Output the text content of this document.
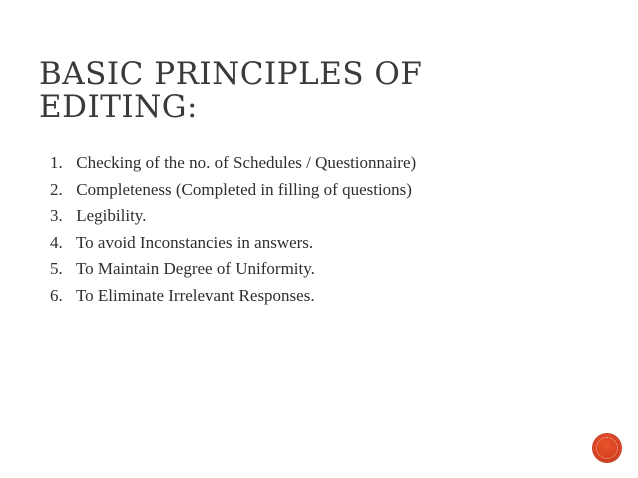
BASIC PRINCIPLES OF
EDITING:
1. Checking of the no. of Schedules / Questionnaire)
2. Completeness (Completed in filling of questions)
3. Legibility.
4. To avoid Inconstancies in answers.
5. To Maintain Degree of Uniformity.
6. To Eliminate Irrelevant Responses.
